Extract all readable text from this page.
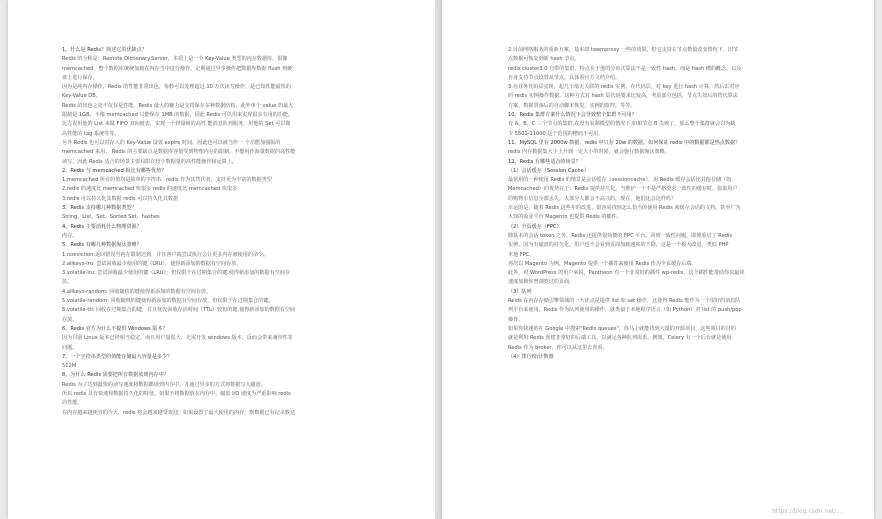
1、什么是 Redis？简述它的优缺点？
Redis 的全称是：Remote Dictionary.Server，本质上是一个 Key-Value 类型的内存数据库，很像
memcached，整个数据库统统加载在内存当中进行操作，定期通过异步操作把数据库数据 flush 到硬
盘上进行保存。
因为是纯内存操作，Redis 的性能非常出色，每秒可以处理超过 10 万次读写操作，是已知性能最快的
Key-Value DB。
Redis 的出色之处不仅仅是性能，Redis 最大的魅力是支持保存多种数据结构，此外单个 value 的最大
限制是 1GB，不像 memcached 只能保存 1MB 的数据，因此 Redis 可以用来实现很多有用的功能。
比方说用他的 List 来做 FIFO 双向链表，实现一个轻量级的高性 能消息队列服务，用他的 Set 可以做
高性能的 tag 系统等等。
另外 Redis 也可以对存入的 Key-Value 设置 expire 时间，因此也可以被当作一 个功能加强版的
memcached 来用。 Redis 的主要缺点是数据库容量受到物理内存的限制，不能用作海量数据的高性能
读写，因此 Redis 适合的场景主要局限在较小数据量的高性能操作和运算上。
2、Redis 与 memcached 相比有哪些优势？
1.memcached 所有的值均是简单的字符串，redis 作为其替代者，支持更为丰富的数据类型
2.redis 的速度比 memcached 快很多 redis 的速度比 memcached 快很多
3.redis 可以持久化其数据 redis 可以持久化其数据
3、Redis 支持哪几种数据类型？
String、List、Set、Sorted Set、hashes
4、Redis 主要消耗什么物理资源？
内存。
5、Redis 有哪几种数据淘汰策略？
1.noeviction:返回错误当内存限制达到，并且客户端尝试执行会让更多内存被使用的命令。
2.allkeys-lru: 尝试回收最少使用的键（LRU），使得新添加的数据有空间存放。
3.volatile-lru: 尝试回收最少使用的键（LRU），但仅限于在过期集合的键,使得新添加的数据有空间存
放。
4.allkeys-random: 回收随机的键使得新添加的数据有空间存放。
5.volatile-random: 回收随机的键使得新添加的数据有空间存放，但仅限于在过期集合的键。
6.volatile-ttl: 回收在过期集合的键，并且优先回收存活时间（TTL）较短的键,使得新添加的数据有空间
存放。
6、Redis 官方为什么不提供 Windows 版本？
因为目前 Linux 版本已经相当稳定，而且用户量很大，无需开发 windows 版本，反而会带来兼容性等
问题。
7、一个字符串类型的值能存储最大容量是多少？
512M
8、为什么 Redis 需要把所有数据放到内存中？
Redis 为了达到最快的读写速度将数据都读到内存中，并通过异步的方式将数据写入磁盘。
所以 redis 具有快速和数据持久化的特征，如果不将数据放在内存中，磁盘 I/O 速度为严重影响 redis
的性能。
在内存越来越便宜的今天，redis 将会越来越受欢迎，如果设置了最大使用的内存，则数据已有记录数达
2.目前网络服务的重新方案，基本却 twemproxy 一些的效果，但它支持在节点数量改变情况下，旧节
点数据可恢复到新 hash 节点。
redis cluster3.0 自带的集群，特点在于他的分布式算法不是一致性 hash，而是 hash 槽的概念，以及
自身支持节点设置从节点。具体看官方文档介绍。
3.在业务代码层实现，起几个毫无关联的 redis 实例，在代码层，对 key 进行 hash 计算，然后去对应
的 redis 实例操作数据。这种方式对 hash 层代码要求比较高，考虑部分包括，节点失效后的替代算法
方案，数据震荡后的自动脚本恢复，实例的监控，等等。
10、Redis 集群方案什么情况下会导致整个集群不可用？
有 A，B，C 三个节点的集群,在没有复制模型的情况下,如果节点 B 失败了，那么整个集群就会以为缺
少 5501-11000 这个范围的槽而不可用。
11、MySQL 里有 2000w 数据，redis 中只存 20w 的数据，如何保证 redis 中的数据都是热点数据？
redis 内存数据集大小上升到一定大小的时候，就会施行数据淘汰策略。
12、Redis 有哪些适合的场景？
（1）会话缓存（Session Cache）
最常用的一种使用 Redis 的情景是会话缓存（sessioncache），用 Redis 缓存会话比其他存储（如
Memcached）的优势在于：Redis 提供持久化。当维护一个不是严格要求一致性的缓存时，如果用户
的购物车信息全部丢失，大部分人都会不高兴的，现在，他们还会这样吗？
幸运的是，随着 Redis 这些年的改进，很容易找到怎么恰当的使用 Redis 来缓存会话的文档。甚至广为
人知的商业平台 Magento 也提供 Redis 的插件。
（2）全页缓存（FPC）
除基本的会话 token 之外，Redis 还提供很简便的 FPC 平台。回到一致性问题，即使重启了 Redis
实例，因为有磁盘的持久化，用户也不会看到页面加载速度的下降，这是一个极大改进，类似 PHP
本地 FPC。
再次以 Magento 为例，Magento 提供一个插件来使用 Redis 作为全页缓存后端。
此外，对 WordPress 的用户来说，Pantheon 有一个非常好的插件 wp-redis，这个插件能帮助你以最快
速度加载你曾浏览过的页面。
（3）队列
Reids 在内存存储引擎领域的一大优点是提供 list 和 set 操作，这使得 Redis 能作为一个很好的消息队
列平台来使用。Redis 作为队列使用的操作，就类似于本地程序语言（如 Python）对 list 的 push/pop
操作。
如果你快速的在 Google 中搜索"Redis queues"，你马上就能找到大量的开源项目，这些项目的目的
就是利用 Redis 创建非常好的后端工具，以满足各种队列需求。例如，Celery 有一个后台就是使用
Redis 作为 broker，你可以从这里去查看。
（4）排行榜/计数器
https://blog.csdn.net/...
